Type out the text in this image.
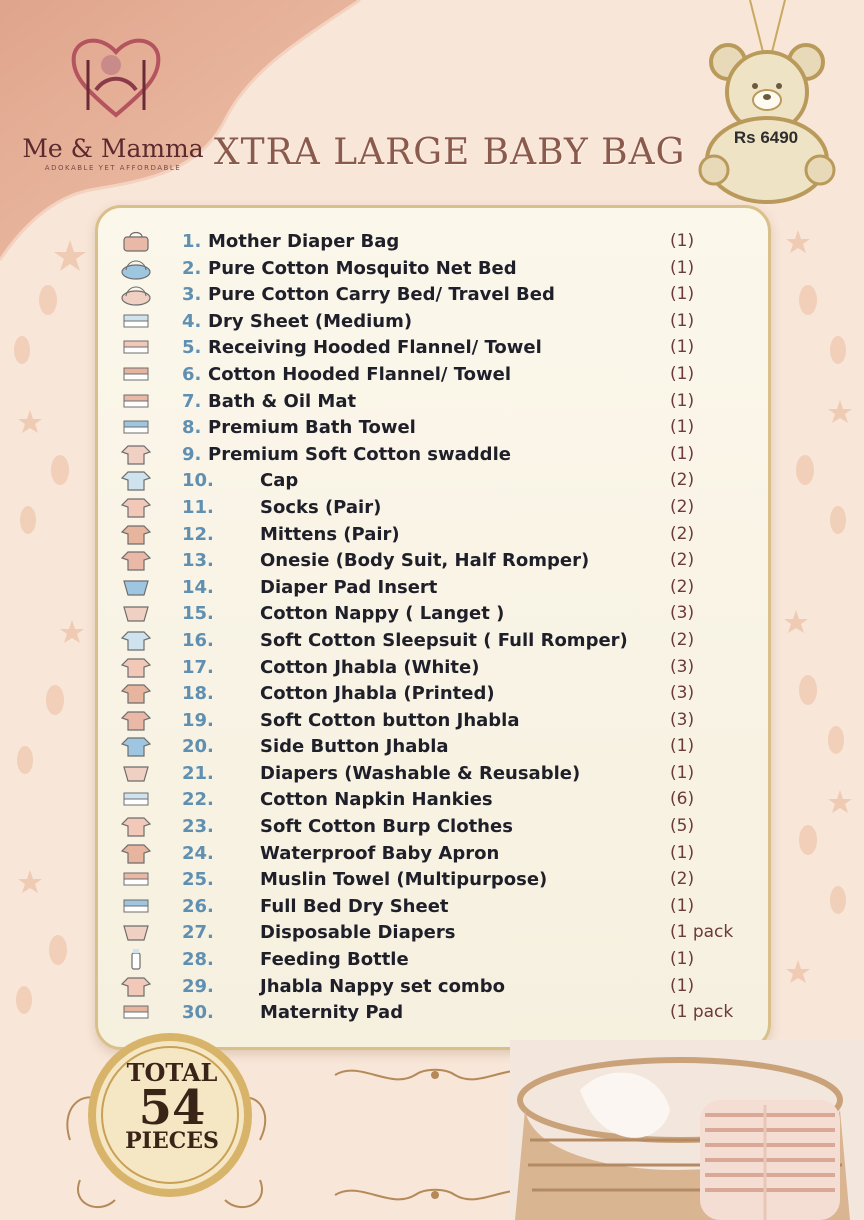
Me & Mamma
ADOKABLE YET AFFORDABLE XTRA LARGE BABY BAG	Rs 6490
1. Mother Diaper Bag	(1)
2. Pure Cotton Mosquito Net Bed	(1)
3. Pure Cotton Carry Bed/ Travel Bed	(1)
4. Dry Sheet (Medium)	(1)
5. Receiving Hooded Flannel/ Towel	(1)
6. Cotton Hooded Flannel/ Towel	(1)
7. Bath & Oil Mat	(1)
8. Premium Bath Towel	(1)
9. Premium Soft Cotton swaddle	(1)
10.	Cap	(2)
11.	Socks (Pair)	(2)
12.	Mittens (Pair)	(2)
13.	Onesie (Body Suit, Half Romper)	(2)
14.	Diaper Pad Insert	(2)
15.	Cotton Nappy ( Langet )	(3)
16.	Soft Cotton Sleepsuit ( Full Romper) (2)
17.	Cotton Jhabla (White)	(3)
18.	Cotton Jhabla (Printed)	(3)
19.	Soft Cotton button Jhabla	(3)
20.	Side Button Jhabla	(1)
21.	Diapers (Washable & Reusable)	(1)
22.	Cotton Napkin Hankies	(6)
23.	Soft Cotton Burp Clothes	(5)
24.	Waterproof Baby Apron	(1)
25.	Muslin Towel (Multipurpose)	(2)
26.	Full Bed Dry Sheet	(1)
27.	Disposable Diapers	(1 pack
28.	Feeding Bottle	(1)
29.	Jhabla Nappy set combo	(1)
30.	Maternity Pad	(1 pack
TOTAL
54
PIECES
